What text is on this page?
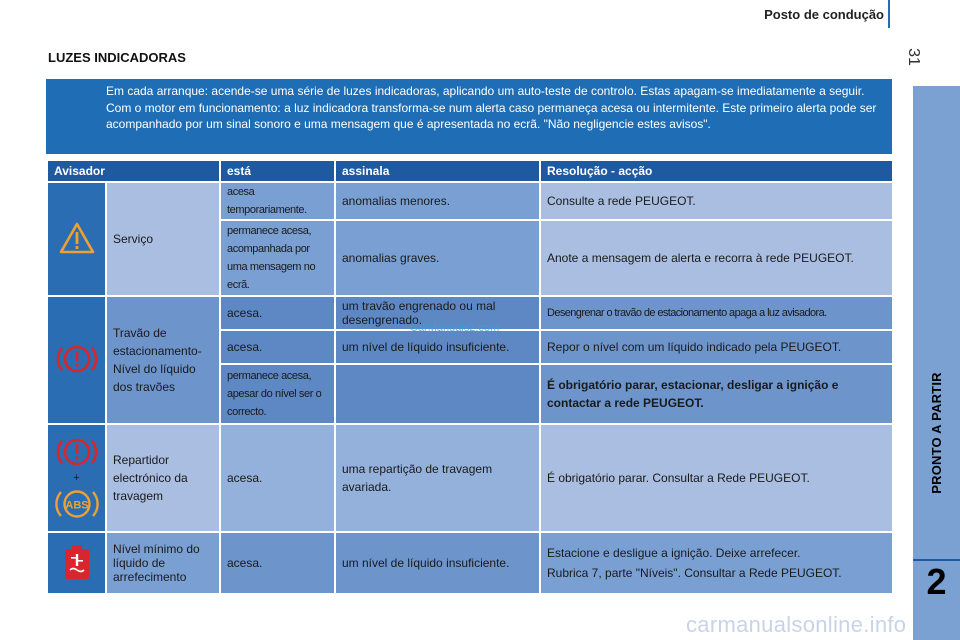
Posto de condução
31
PRONTO A PARTIR
2
LUZES INDICADORAS
Em cada arranque: acende-se uma série de luzes indicadoras, aplicando um auto-teste de controlo. Estas apagam-se imediatamente a seguir. Com o motor em funcionamento: a luz indicadora transforma-se num alerta caso permaneça acesa ou intermitente. Este primeiro alerta pode ser acompanhado por um sinal sonoro e uma mensagem que é apresentada no ecrã. "Não negligencie estes avisos".
Avisador		está	assinala	Resolução - acção
	Serviço	acesa temporariamente.	anomalias menores.	Consulte a rede PEUGEOT.
		permanece acesa, acompanhada por uma mensagem no ecrã.	anomalias graves.	Anote a mensagem de alerta e recorra à rede PEUGEOT.
	Travão de estacionamento- Nível do líquido dos travões	acesa.	um travão engrenado ou mal desengrenado.	Desengrenar o travão de estacionamento apaga a luz avisadora.
		acesa.	um nível de líquido insuficiente.	Repor o nível com um líquido indicado pela PEUGEOT.
		permanece acesa, apesar do nível ser o correcto.		É obrigatório parar, estacionar, desligar a ignição e contactar a rede PEUGEOT.

+
ABS	Repartidor electrónico da travagem	acesa.	uma repartição de travagem avariada.	É obrigatório parar. Consultar a Rede PEUGEOT.
	Nível mínimo do líquido de arrefecimento	acesa.	um nível de líquido insuficiente.	Estacione e desligue a ignição. Deixe arrefecer.
Rubrica 7, parte "Níveis". Consultar a Rede PEUGEOT.
CarManuals2.com
carmanualsonline.info
